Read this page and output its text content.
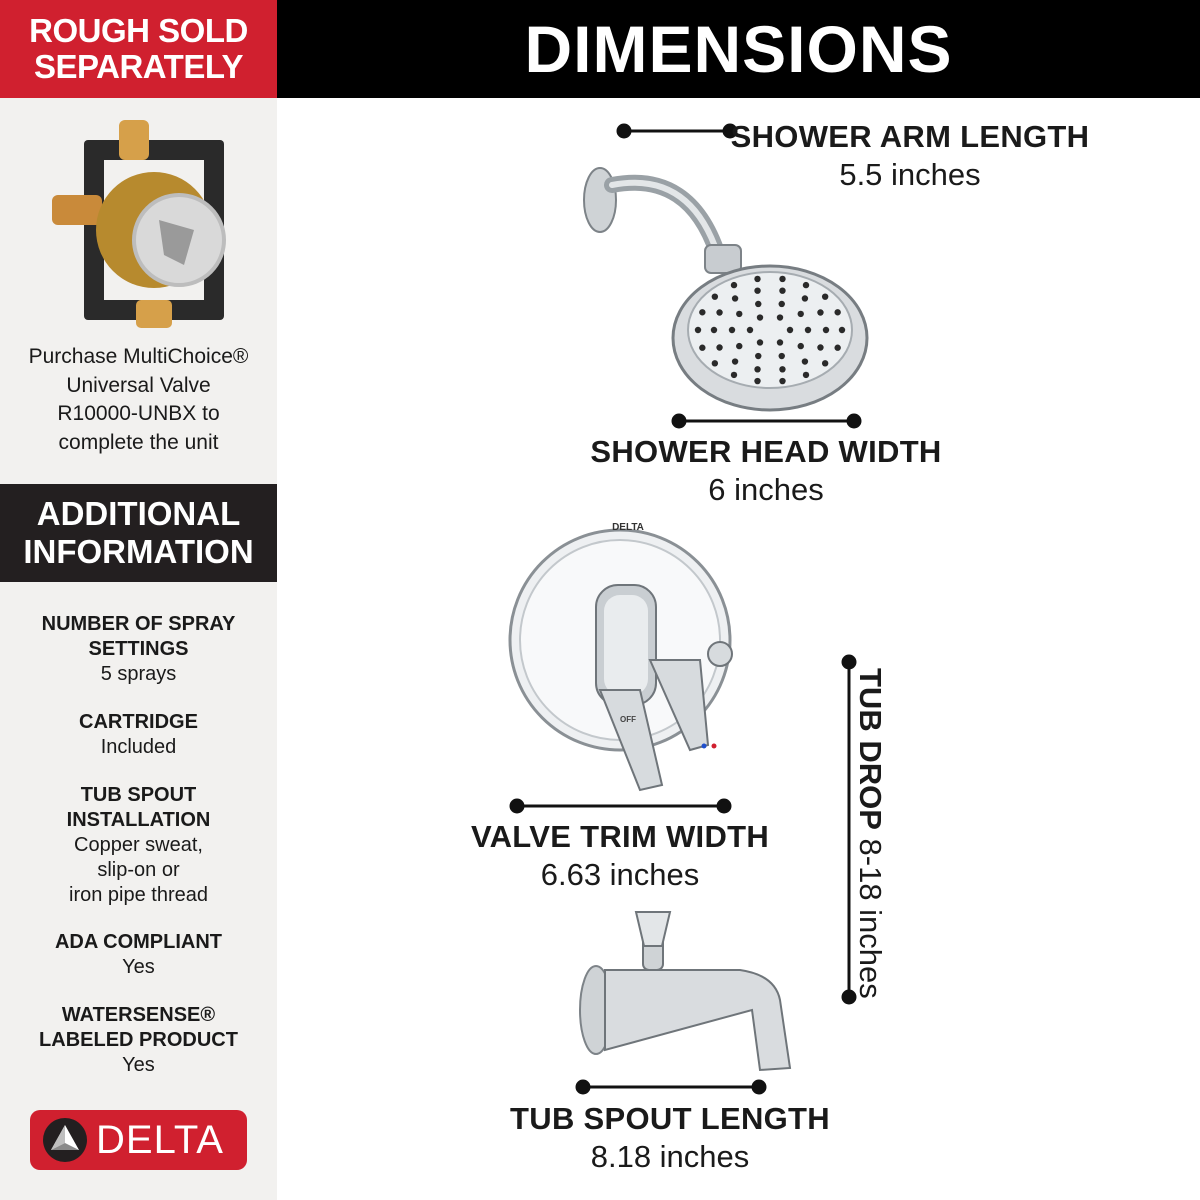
ROUGH SOLD
SEPARATELY
Purchase MultiChoice®
Universal Valve
R10000-UNBX to
complete the unit
ADDITIONAL
INFORMATION
NUMBER OF SPRAY
SETTINGS
5 sprays
CARTRIDGE
Included
TUB SPOUT
INSTALLATION
Copper sweat,
slip-on or
iron pipe thread
ADA COMPLIANT
Yes
WATERSENSE®
LABELED PRODUCT
Yes
DELTA
DIMENSIONS
DELTA
OFF
SHOWER ARM LENGTH
5.5 inches
SHOWER HEAD WIDTH
6 inches
VALVE TRIM WIDTH
6.63 inches
TUB SPOUT LENGTH
8.18 inches
TUB DROP 8-18 inches
